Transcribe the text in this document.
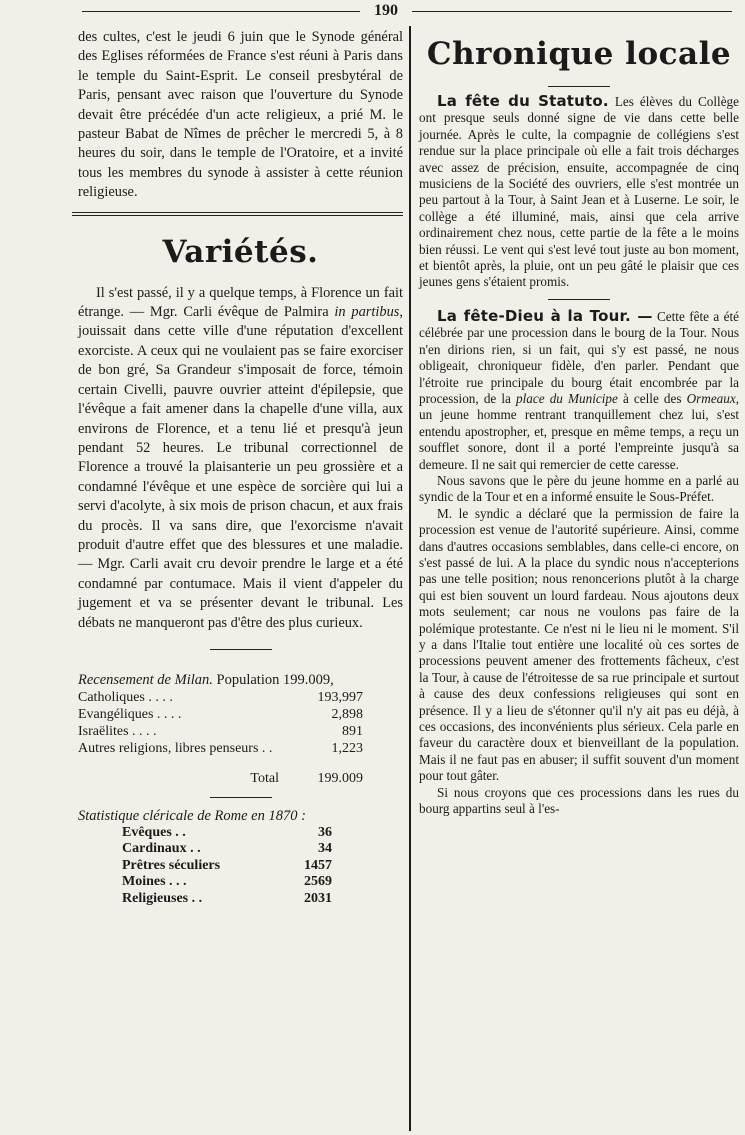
190

des cultes, c'est le jeudi 6 juin que le Synode général des Eglises réformées de France s'est réuni à Paris dans le temple du Saint-Esprit. Le conseil presbytéral de Paris, pensant avec raison que l'ouverture du Synode devait être précédée d'un acte religieux, a prié M. le pasteur Babat de Nîmes de prêcher le mercredi 5, à 8 heures du soir, dans le temple de l'Oratoire, et a invité tous les membres du synode à assister à cette réunion religieuse.

Variétés.

Il s'est passé, il y a quelque temps, à Florence un fait étrange. — Mgr. Carli évêque de Palmira in partibus, jouissait dans cette ville d'une réputation d'excellent exorciste. A ceux qui ne voulaient pas se faire exorciser de bon gré, Sa Grandeur s'imposait de force, témoin certain Civelli, pauvre ouvrier atteint d'épilepsie, que l'évêque a fait amener dans la chapelle d'une villa, aux environs de Florence, et a tenu lié et presqu'à jeun pendant 52 heures. Le tribunal correctionnel de Florence a trouvé la plaisanterie un peu grossière et a condamné l'évêque et une espèce de sorcière qui lui a servi d'acolyte, à six mois de prison chacun, et aux frais du procès. Il va sans dire, que l'exorcisme n'avait produit d'autre effet que des blessures et une maladie. — Mgr. Carli avait cru devoir prendre le large et a été condamné par contumace. Mais il vient d'appeler du jugement et va se présenter devant le tribunal. Les débats ne manqueront pas d'être des plus curieux.

Recensement de Milan. Population 199.009,
Catholiques . . . .	193,997
Evangéliques . . . .	2,898
Israëlites . . . .	891
Autres religions, libres penseurs . .	1,223
Total	199.009
Statistique cléricale de Rome en 1870 :
Evêques . .	36
Cardinaux . .	34
Prêtres séculiers	1457
Moines . . .	2569
Religieuses . .	2031
Chronique locale

La fête du Statuto. Les élèves du Collège ont presque seuls donné signe de vie dans cette belle journée. Après le culte, la compagnie de collégiens s'est rendue sur la place principale où elle a fait trois décharges avec assez de précision, ensuite, accompagnée de cinq musiciens de la Société des ouvriers, elle s'est montrée un peu partout à la Tour, à Saint Jean et à Luserne. Le soir, le collège a été illuminé, mais, ainsi que cela arrive ordinairement chez nous, cette partie de la fête a le moins bien réussi. Le vent qui s'est levé tout juste au bon moment, et bientôt après, la pluie, ont un peu gâté le plaisir que ces jeunes gens s'étaient promis.

La fête-Dieu à la Tour. — Cette fête a été célébrée par une procession dans le bourg de la Tour. Nous n'en dirions rien, si un fait, qui s'y est passé, ne nous obligeait, chroniqueur fidèle, d'en parler. Pendant que l'étroite rue principale du bourg était encombrée par la procession, de la place du Municipe à celle des Ormeaux, un jeune homme rentrant tranquillement chez lui, s'est entendu apostropher, et, presque en même temps, a reçu un soufflet sonore, dont il a porté l'empreinte jusqu'à sa demeure. Il ne sait qui remercier de cette caresse.

Nous savons que le père du jeune homme en a parlé au syndic de la Tour et en a informé ensuite le Sous-Préfet.

M. le syndic a déclaré que la permission de faire la procession est venue de l'autorité supérieure. Ainsi, comme dans d'autres occasions semblables, dans celle-ci encore, on s'est passé de lui. A la place du syndic nous n'accepterions pas une telle position; nous renoncerions plutôt à la charge qui est bien souvent un lourd fardeau. Nous ajoutons deux mots seulement; car nous ne voulons pas faire de la polémique protestante. Ce n'est ni le lieu ni le moment. S'il y a dans l'Italie tout entière une localité où ces sortes de processions peuvent amener des frottements fâcheux, c'est la Tour, à cause de l'étroitesse de sa rue principale et surtout à cause des deux confessions religieuses qui sont en présence. Il y a lieu de s'étonner qu'il n'y ait pas eu déjà, à ces occasions, des inconvénients plus sérieux. Cela parle en faveur du caractère doux et bienveillant de la population. Mais il ne faut pas en abuser; il suffit souvent d'un moment pour tout gâter.

Si nous croyons que ces processions dans les rues du bourg appartins seul à l'es-
